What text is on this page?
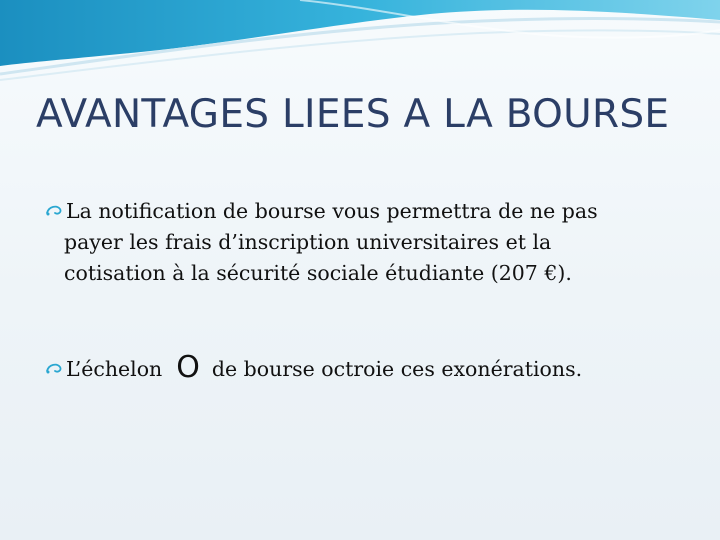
AVANTAGES LIEES A LA BOURSE
La notification de bourse vous permettra de ne pas
payer les frais d’inscription universitaires et la
cotisation à la sécurité sociale étudiante (207 €).
L’échelon O de bourse octroie ces exonérations.
